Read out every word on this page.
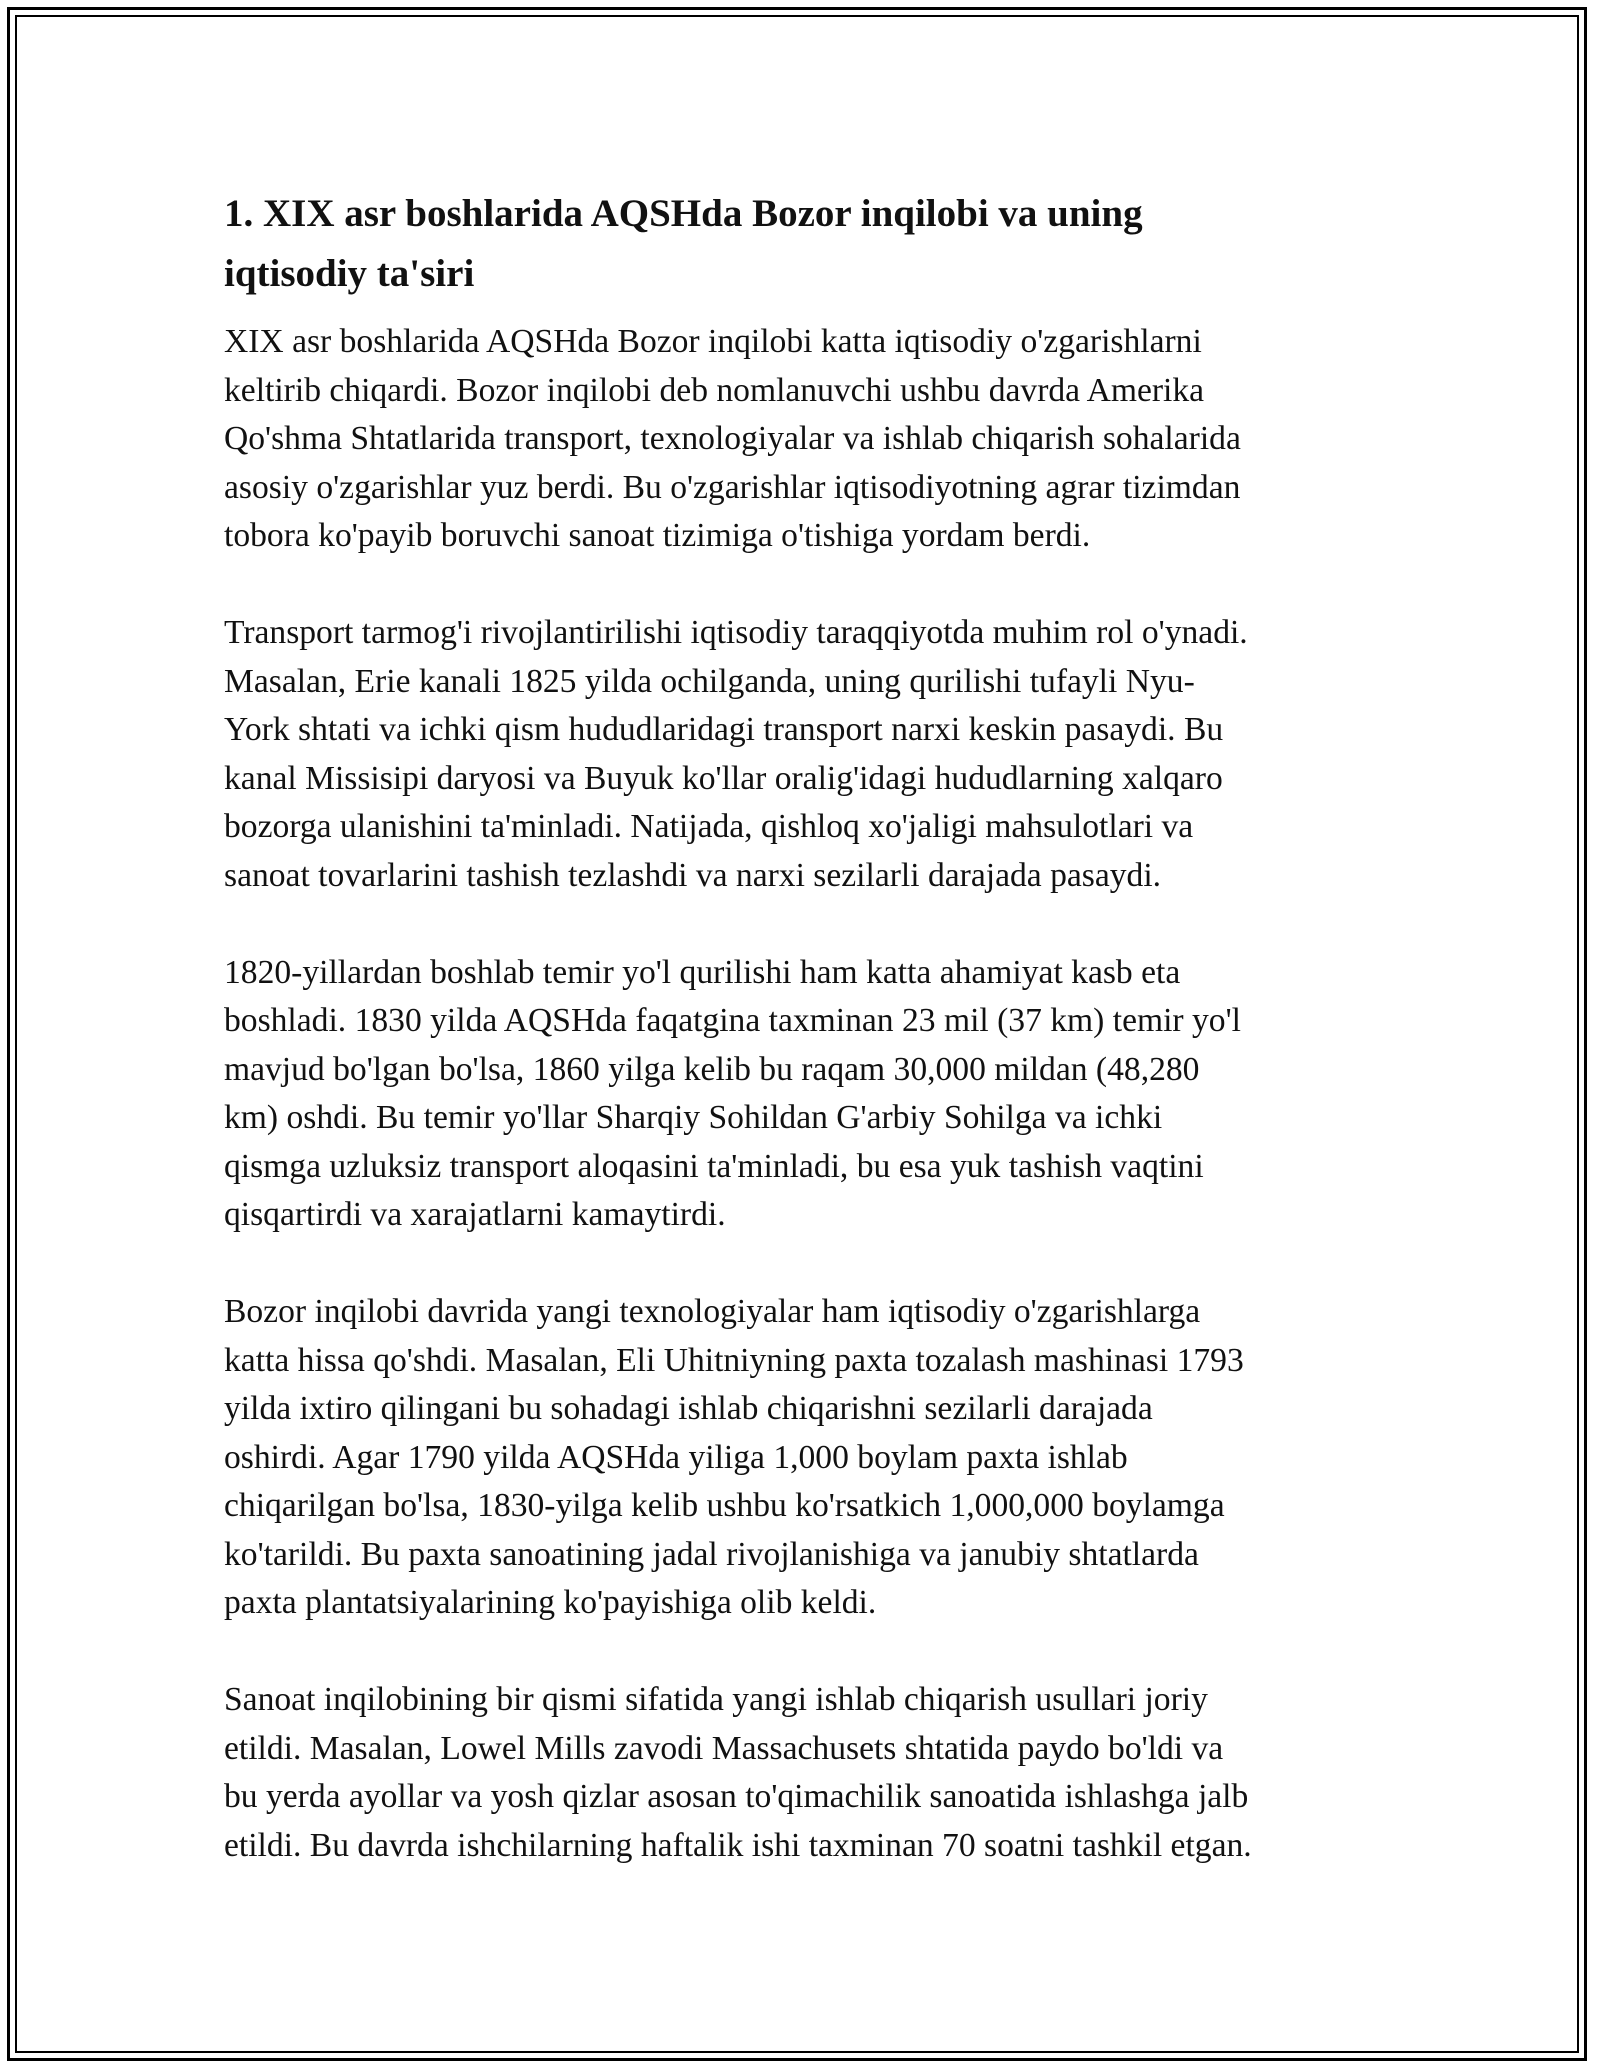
1. XIX asr boshlarida AQSHda Bozor inqilobi va uning
iqtisodiy ta'siri

XIX asr boshlarida AQSHda Bozor inqilobi katta iqtisodiy o'zgarishlarni
keltirib chiqardi. Bozor inqilobi deb nomlanuvchi ushbu davrda Amerika
Qo'shma Shtatlarida transport, texnologiyalar va ishlab chiqarish sohalarida
asosiy o'zgarishlar yuz berdi. Bu o'zgarishlar iqtisodiyotning agrar tizimdan
tobora ko'payib boruvchi sanoat tizimiga o'tishiga yordam berdi.

Transport tarmog'i rivojlantirilishi iqtisodiy taraqqiyotda muhim rol o'ynadi.
Masalan, Erie kanali 1825 yilda ochilganda, uning qurilishi tufayli Nyu-
York shtati va ichki qism hududlaridagi transport narxi keskin pasaydi. Bu
kanal Missisipi daryosi va Buyuk ko'llar oralig'idagi hududlarning xalqaro
bozorga ulanishini ta'minladi. Natijada, qishloq xo'jaligi mahsulotlari va
sanoat tovarlarini tashish tezlashdi va narxi sezilarli darajada pasaydi.

1820-yillardan boshlab temir yo'l qurilishi ham katta ahamiyat kasb eta
boshladi. 1830 yilda AQSHda faqatgina taxminan 23 mil (37 km) temir yo'l
mavjud bo'lgan bo'lsa, 1860 yilga kelib bu raqam 30,000 mildan (48,280
km) oshdi. Bu temir yo'llar Sharqiy Sohildan G'arbiy Sohilga va ichki
qismga uzluksiz transport aloqasini ta'minladi, bu esa yuk tashish vaqtini
qisqartirdi va xarajatlarni kamaytirdi.

Bozor inqilobi davrida yangi texnologiyalar ham iqtisodiy o'zgarishlarga
katta hissa qo'shdi. Masalan, Eli Uhitniyning paxta tozalash mashinasi 1793
yilda ixtiro qilingani bu sohadagi ishlab chiqarishni sezilarli darajada
oshirdi. Agar 1790 yilda AQSHda yiliga 1,000 boylam paxta ishlab
chiqarilgan bo'lsa, 1830-yilga kelib ushbu ko'rsatkich 1,000,000 boylamga
ko'tarildi. Bu paxta sanoatining jadal rivojlanishiga va janubiy shtatlarda
paxta plantatsiyalarining ko'payishiga olib keldi.

Sanoat inqilobining bir qismi sifatida yangi ishlab chiqarish usullari joriy
etildi. Masalan, Lowel Mills zavodi Massachusets shtatida paydo bo'ldi va
bu yerda ayollar va yosh qizlar asosan to'qimachilik sanoatida ishlashga jalb
etildi. Bu davrda ishchilarning haftalik ishi taxminan 70 soatni tashkil etgan.
